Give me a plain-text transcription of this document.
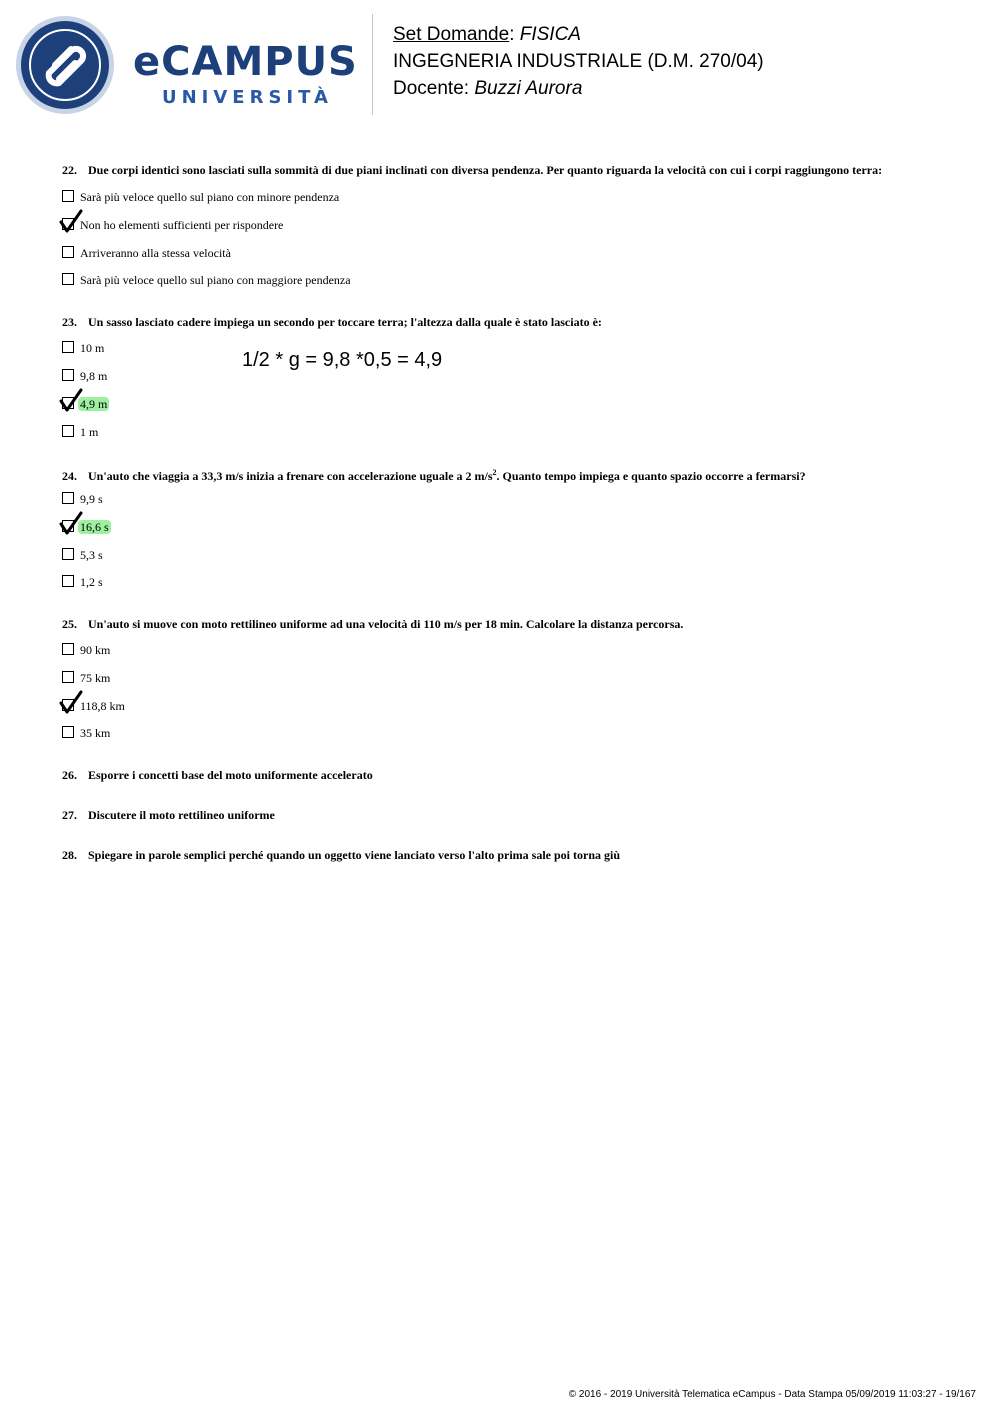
eCAMPUS
UNIVERSITÀ
Set Domande: FISICA
INGEGNERIA INDUSTRIALE (D.M. 270/04)
Docente: Buzzi Aurora
22. Due corpi identici sono lasciati sulla sommità di due piani inclinati con diversa pendenza. Per quanto riguarda la velocità con cui i corpi raggiungono terra:
Sarà più veloce quello sul piano con minore pendenza
Non ho elementi sufficienti per rispondere
Arriveranno alla stessa velocità
Sarà più veloce quello sul piano con maggiore pendenza
23. Un sasso lasciato cadere impiega un secondo per toccare terra; l'altezza dalla quale è stato lasciato è:
10 m
9,8 m
4,9 m
1 m
1/2 * g = 9,8 *0,5 = 4,9
24. Un'auto che viaggia a 33,3 m/s inizia a frenare con accelerazione uguale a 2 $m/s^2$. Quanto tempo impiega e quanto spazio occorre a fermarsi?
9,9 s
16,6 s
5,3 s
1,2 s
25. Un'auto si muove con moto rettilineo uniforme ad una velocità di 110 m/s per 18 min. Calcolare la distanza percorsa.
90 km
75 km
118,8 km
35 km
26. Esporre i concetti base del moto uniformente accelerato
27. Discutere il moto rettilineo uniforme
28. Spiegare in parole semplici perché quando un oggetto viene lanciato verso l'alto prima sale poi torna giù
© 2016 - 2019 Università Telematica eCampus - Data Stampa 05/09/2019 11:03:27 - 19/167
